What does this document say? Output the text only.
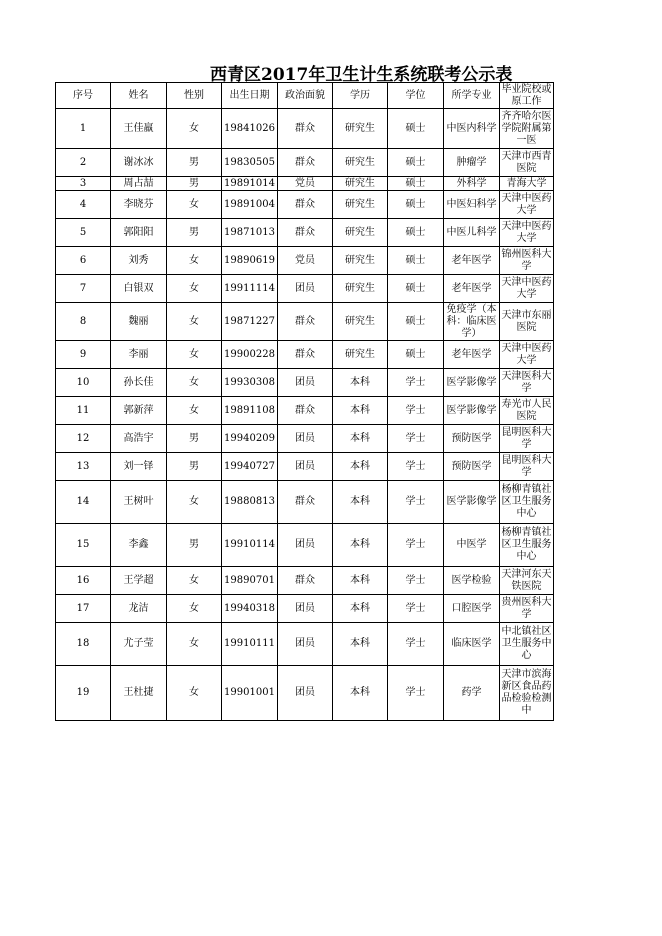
西青区2017年卫生计生系统联考公示表
序号	姓名	性别	出生日期	政治面貌	学历	学位	所学专业	毕业院校或原工作
1	王佳羸	女	19841026	群众	研究生	硕士	中医内科学	齐齐哈尔医学院附属第一医
2	谢冰冰	男	19830505	群众	研究生	硕士	肿瘤学	天津市西青医院
3	周占喆	男	19891014	党员	研究生	硕士	外科学	青海大学
4	李晓芬	女	19891004	群众	研究生	硕士	中医妇科学	天津中医药大学
5	郭阳阳	男	19871013	群众	研究生	硕士	中医儿科学	天津中医药大学
6	刘秀	女	19890619	党员	研究生	硕士	老年医学	锦州医科大学
7	白银双	女	19911114	团员	研究生	硕士	老年医学	天津中医药大学
8	魏丽	女	19871227	群众	研究生	硕士	免疫学（本科：临床医学）	天津市东丽医院
9	李丽	女	19900228	群众	研究生	硕士	老年医学	天津中医药大学
10	孙长佳	女	19930308	团员	本科	学士	医学影像学	天津医科大学
11	郭新萍	女	19891108	群众	本科	学士	医学影像学	寿光市人民医院
12	高浩宇	男	19940209	团员	本科	学士	预防医学	昆明医科大学
13	刘一铎	男	19940727	团员	本科	学士	预防医学	昆明医科大学
14	王树叶	女	19880813	群众	本科	学士	医学影像学	杨柳青镇社区卫生服务中心
15	李鑫	男	19910114	团员	本科	学士	中医学	杨柳青镇社区卫生服务中心
16	王学超	女	19890701	群众	本科	学士	医学检验	天津河东天铁医院
17	龙洁	女	19940318	团员	本科	学士	口腔医学	贵州医科大学
18	尤子莹	女	19910111	团员	本科	学士	临床医学	中北镇社区卫生服务中心
19	王杜捷	女	19901001	团员	本科	学士	药学	天津市滨海新区食品药品检验检测中
